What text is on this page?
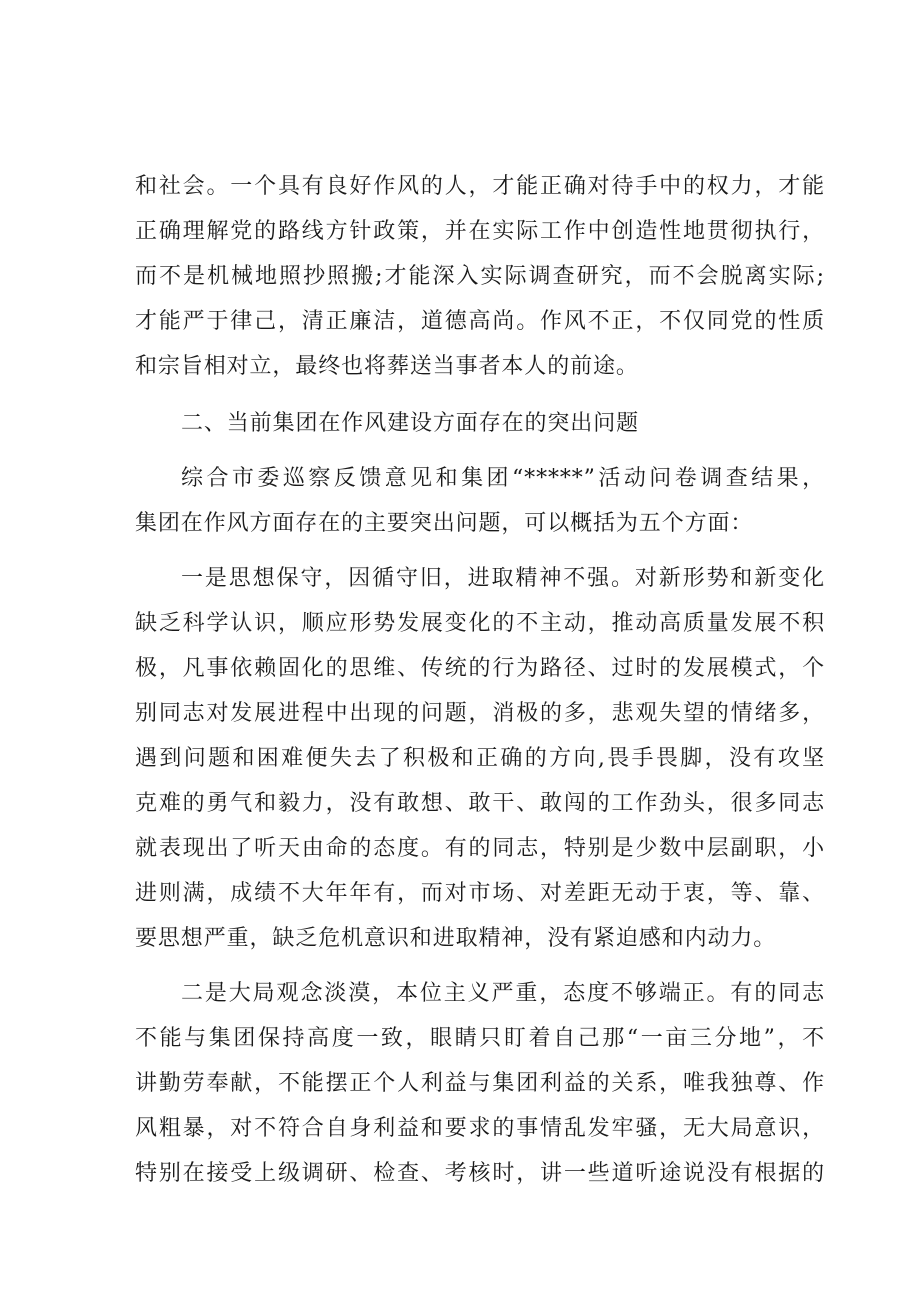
和社会。一个具有良好作风的人，才能正确对待手中的权力，才能
正确理解党的路线方针政策，并在实际工作中创造性地贯彻执行，
而不是机械地照抄照搬;才能深入实际调查研究，而不会脱离实际;
才能严于律己，清正廉洁，道德高尚。作风不正，不仅同党的性质
和宗旨相对立，最终也将葬送当事者本人的前途。
二、当前集团在作风建设方面存在的突出问题
综合市委巡察反馈意见和集团“*****”活动问卷调查结果，
集团在作风方面存在的主要突出问题，可以概括为五个方面：
一是思想保守，因循守旧，进取精神不强。对新形势和新变化
缺乏科学认识，顺应形势发展变化的不主动，推动高质量发展不积
极，凡事依赖固化的思维、传统的行为路径、过时的发展模式，个
别同志对发展进程中出现的问题，消极的多，悲观失望的情绪多，
遇到问题和困难便失去了积极和正确的方向,畏手畏脚，没有攻坚
克难的勇气和毅力，没有敢想、敢干、敢闯的工作劲头，很多同志
就表现出了听天由命的态度。有的同志，特别是少数中层副职，小
进则满，成绩不大年年有，而对市场、对差距无动于衷，等、靠、
要思想严重，缺乏危机意识和进取精神，没有紧迫感和内动力。
二是大局观念淡漠，本位主义严重，态度不够端正。有的同志
不能与集团保持高度一致，眼睛只盯着自己那“一亩三分地”，不
讲勤劳奉献，不能摆正个人利益与集团利益的关系，唯我独尊、作
风粗暴，对不符合自身利益和要求的事情乱发牢骚，无大局意识，
特别在接受上级调研、检查、考核时，讲一些道听途说没有根据的
